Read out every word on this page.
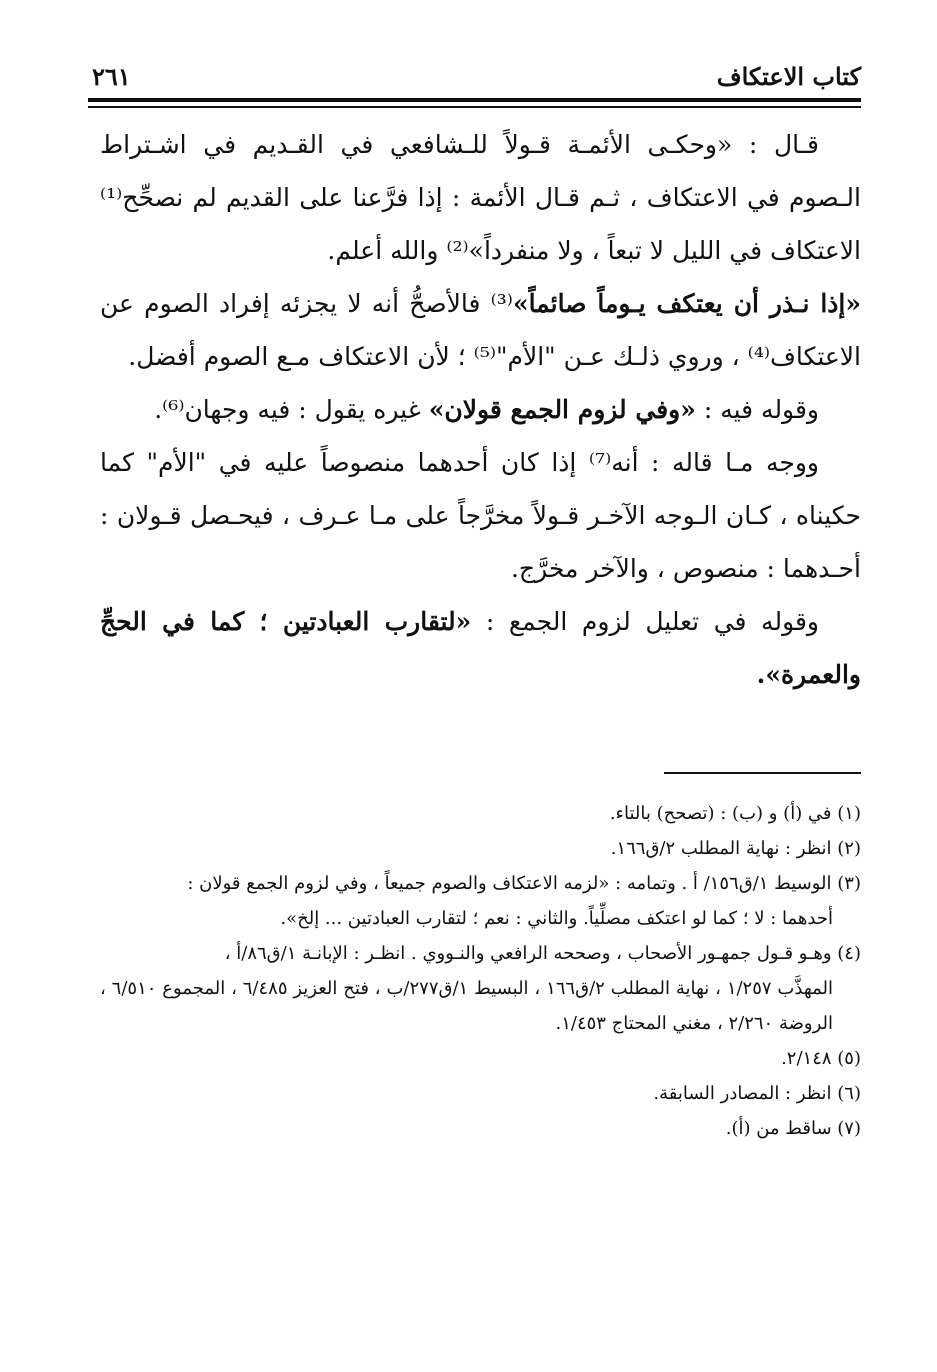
كتاب الاعتكاف
٢٦١

قـال : «وحكـى الأئمـة قـولاً للـشافعي في القـديم في اشـتراط الـصوم في الاعتكاف ، ثـم قـال الأئمة : إذا فرَّعنا على القديم لم نصحِّح⁽¹⁾ الاعتكاف في الليل لا تبعاً ، ولا منفرداً»⁽²⁾ والله أعلم.

«إذا نـذر أن يعتكف يـوماً صائماً»⁽³⁾ فالأصحُّ أنه لا يجزئه إفراد الصوم عن الاعتكاف⁽⁴⁾ ، وروي ذلـك عـن "الأم"⁽⁵⁾ ؛ لأن الاعتكاف مـع الصوم أفضل.

وقوله فيه : «وفي لزوم الجمع قولان» غيره يقول : فيه وجهان⁽⁶⁾.

ووجه مـا قاله : أنه⁽⁷⁾ إذا كان أحدهما منصوصاً عليه في "الأم" كما حكيناه ، كـان الـوجه الآخـر قـولاً مخرَّجاً على مـا عـرف ، فيحـصل قـولان : أحـدهما : منصوص ، والآخر مخرَّج.

وقوله في تعليل لزوم الجمع : «لتقارب العبادتين ؛ كما في الحجِّ والعمرة».

(١) في (أ) و (ب) : (تصحح) بالتاء.
(٢) انظر : نهاية المطلب ٢/ق١٦٦.
(٣) الوسيط ١/ق١٥٦/ أ . وتمامه : «لزمه الاعتكاف والصوم جميعاً ، وفي لزوم الجمع قولان :
أحدهما : لا ؛ كما لو اعتكف مصلِّياً. والثاني : نعم ؛ لتقارب العبادتين ... إلخ».
(٤) وهـو قـول جمهـور الأصحاب ، وصححه الرافعي والنـووي . انظـر : الإبانـة ١/ق٨٦/أ ،
المهذَّب ١/٢٥٧ ، نهاية المطلب ٢/ق١٦٦ ، البسيط ١/ق٢٧٧/ب ، فتح العزيز ٦/٤٨٥ ، المجموع ٦/٥١٠ ، الروضة ٢/٢٦٠ ، مغني المحتاج ١/٤٥٣.
(٥) ٢/١٤٨.
(٦) انظر : المصادر السابقة.
(٧) ساقط من (أ).
